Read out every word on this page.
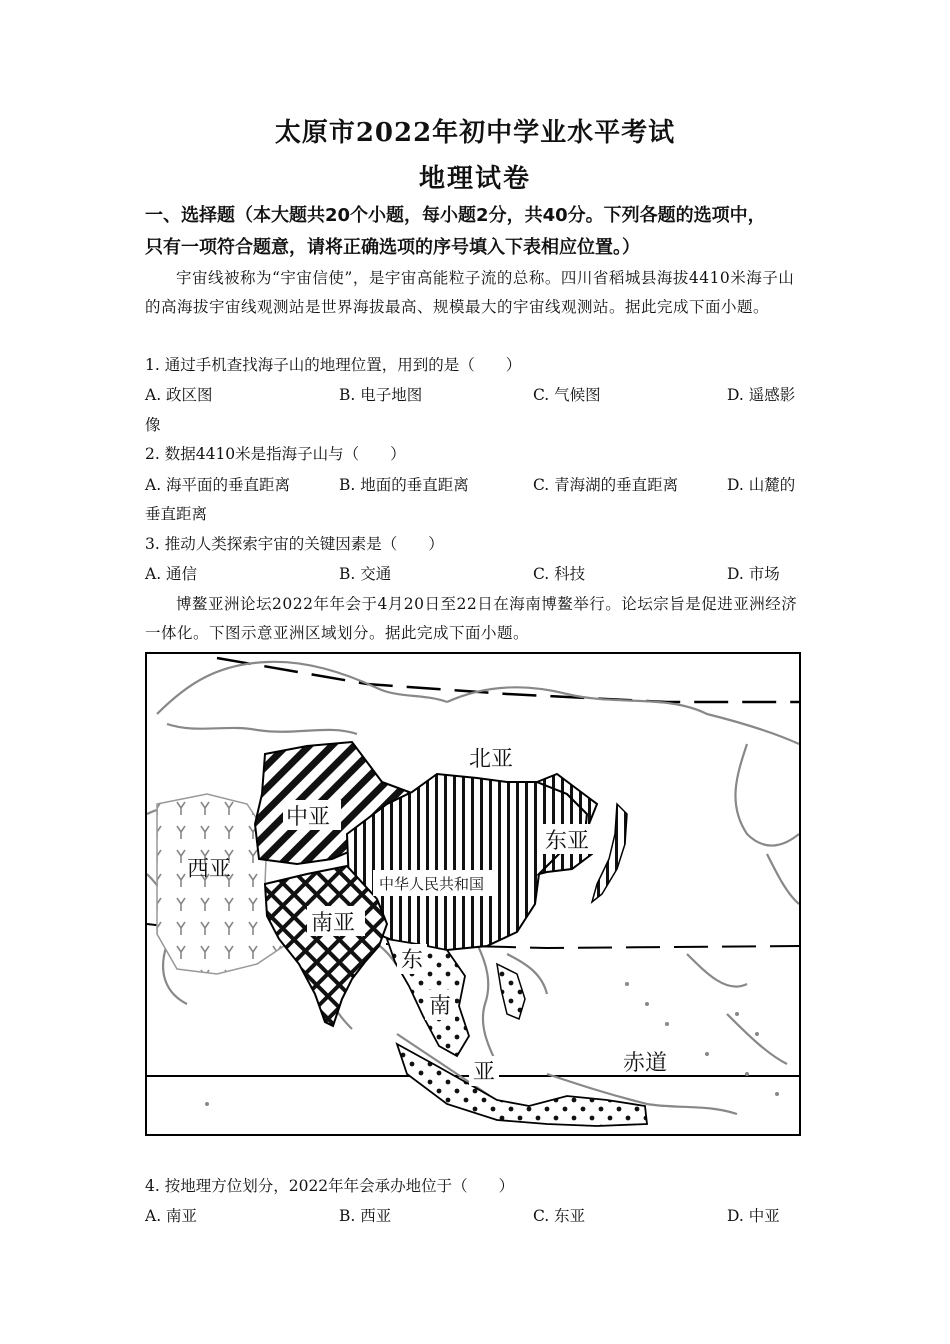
太原市2022年初中学业水平考试
地理试卷
一、选择题（本大题共20个小题，每小题2分，共40分。下列各题的选项中，
只有一项符合题意，请将正确选项的序号填入下表相应位置。）
宇宙线被称为“宇宙信使”，是宇宙高能粒子流的总称。四川省稻城县海拔4410米海子山的高海拔宇宙线观测站是世界海拔最高、规模最大的宇宙线观测站。据此完成下面小题。
1. 通过手机查找海子山的地理位置，用到的是（　　）
A. 政区图	B. 电子地图	C. 气候图	D. 遥感影
像
2. 数据4410米是指海子山与（　　）
A. 海平面的垂直距离	B. 地面的垂直距离	C. 青海湖的垂直距离	D. 山麓的
垂直距离
3. 推动人类探索宇宙的关键因素是（　　）
A. 通信	B. 交通	C. 科技	D. 市场
博鳌亚洲论坛2022年年会于4月20日至22日在海南博鳌举行。论坛宗旨是促进亚洲经济一体化。下图示意亚洲区域划分。据此完成下面小题。
北亚
中亚
东亚
西亚
中华人民共和国
南亚
东
南
亚	赤道
4. 按地理方位划分，2022年年会承办地位于（　　）
A. 南亚	B. 西亚	C. 东亚	D. 中亚
